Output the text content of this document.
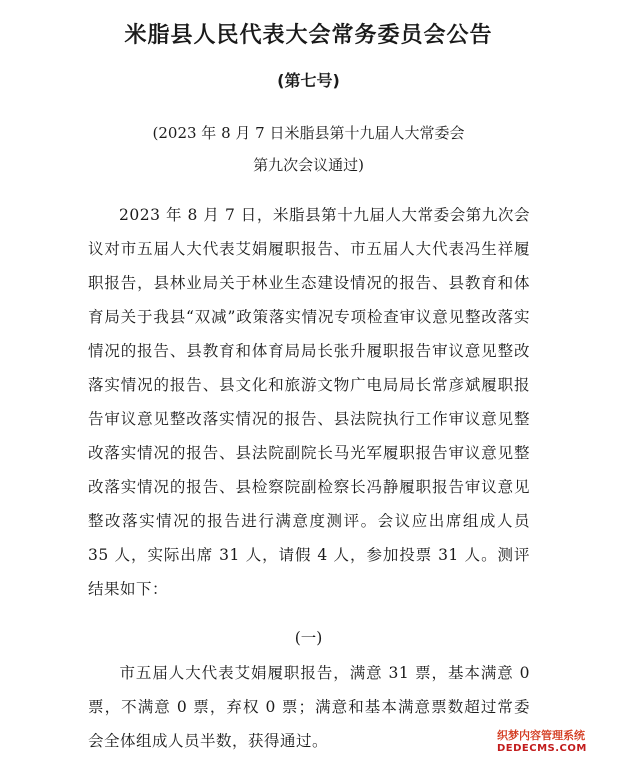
米脂县人民代表大会常务委员会公告
(第七号)
(2023 年 8 月 7 日米脂县第十九届人大常委会
第九次会议通过)
2023 年 8 月 7 日，米脂县第十九届人大常委会第九次会议对市五届人大代表艾娟履职报告、市五届人大代表冯生祥履职报告，县林业局关于林业生态建设情况的报告、县教育和体育局关于我县“双减”政策落实情况专项检查审议意见整改落实情况的报告、县教育和体育局局长张升履职报告审议意见整改落实情况的报告、县文化和旅游文物广电局局长常彦斌履职报告审议意见整改落实情况的报告、县法院执行工作审议意见整改落实情况的报告、县法院副院长马光军履职报告审议意见整改落实情况的报告、县检察院副检察长冯静履职报告审议意见整改落实情况的报告进行满意度测评。会议应出席组成人员 35 人，实际出席 31 人，请假 4 人，参加投票 31 人。测评结果如下：
(一)
市五届人大代表艾娟履职报告，满意 31 票，基本满意 0 票，不满意 0 票，弃权 0 票；满意和基本满意票数超过常委会全体组成人员半数，获得通过。	织梦内容管理系统
DEDECMS.COM
